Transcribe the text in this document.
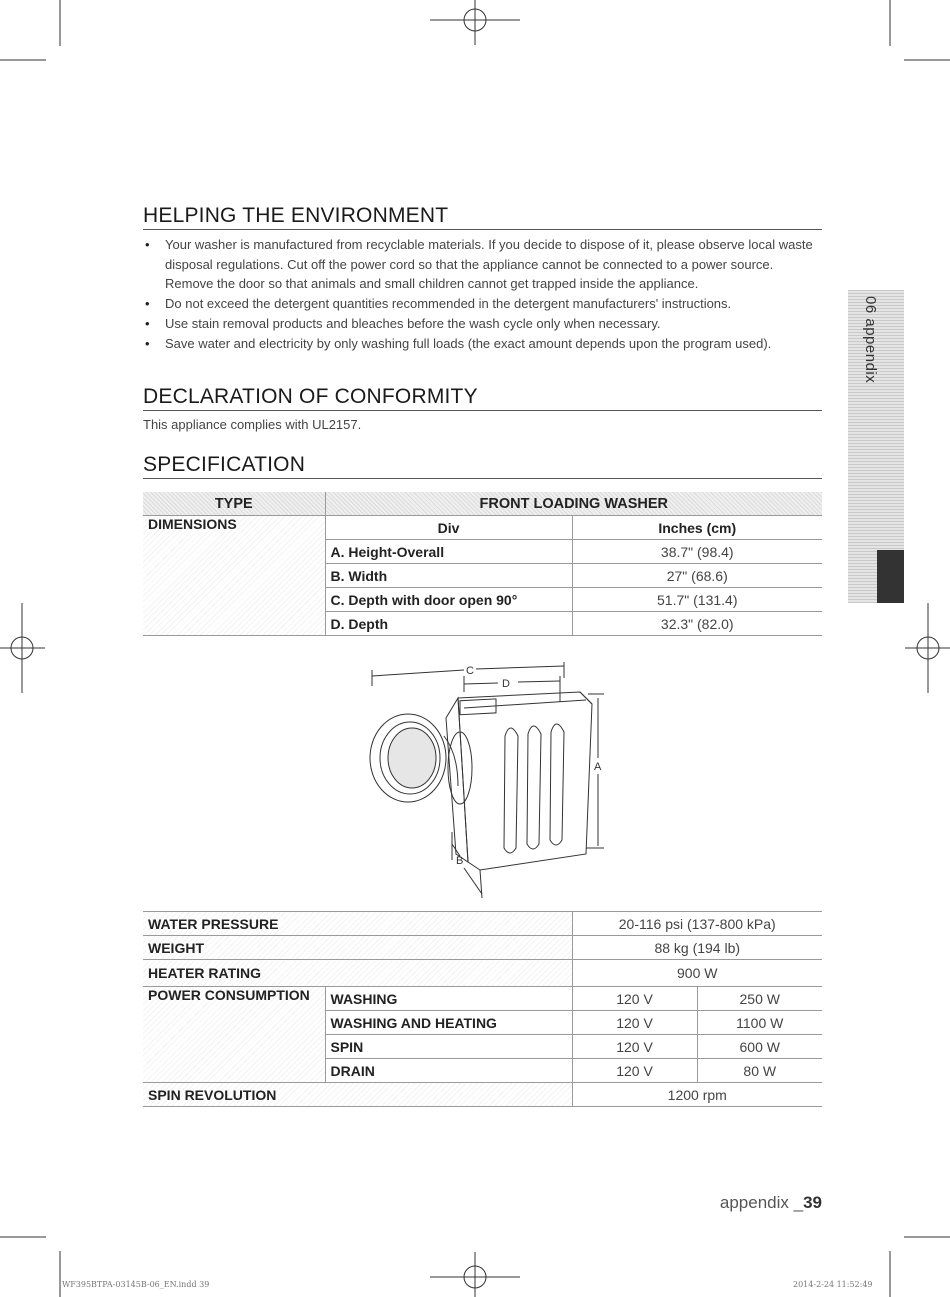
06 appendix
HELPING THE ENVIRONMENT
• Your washer is manufactured from recyclable materials. If you decide to dispose of it, please observe local waste disposal regulations. Cut off the power cord so that the appliance cannot be connected to a power source. Remove the door so that animals and small children cannot get trapped inside the appliance.
• Do not exceed the detergent quantities recommended in the detergent manufacturers' instructions.
• Use stain removal products and bleaches before the wash cycle only when necessary.
• Save water and electricity by only washing full loads (the exact amount depends upon the program used).
DECLARATION OF CONFORMITY
This appliance complies with UL2157.
SPECIFICATION
TYPE	FRONT LOADING WASHER	
DIMENSIONS	Div	Inches (cm)
	A. Height-Overall	38.7" (98.4)
	B. Width	27" (68.6)
	C. Depth with door open 90°	51.7" (131.4)
	D. Depth	32.3" (82.0)
C
D
A
B
WATER PRESSURE		20-116 psi (137-800 kPa)	
WEIGHT		88 kg (194 lb)	
HEATER RATING		900 W	
POWER CONSUMPTION	WASHING	120 V	250 W
	WASHING AND HEATING	120 V	1100 W
	SPIN	120 V	600 W
	DRAIN	120 V	80 W
SPIN REVOLUTION		1200 rpm	
appendix _39
WF395BTPA-03145B-06_EN.indd 39	2014-2-24 11:52:49
